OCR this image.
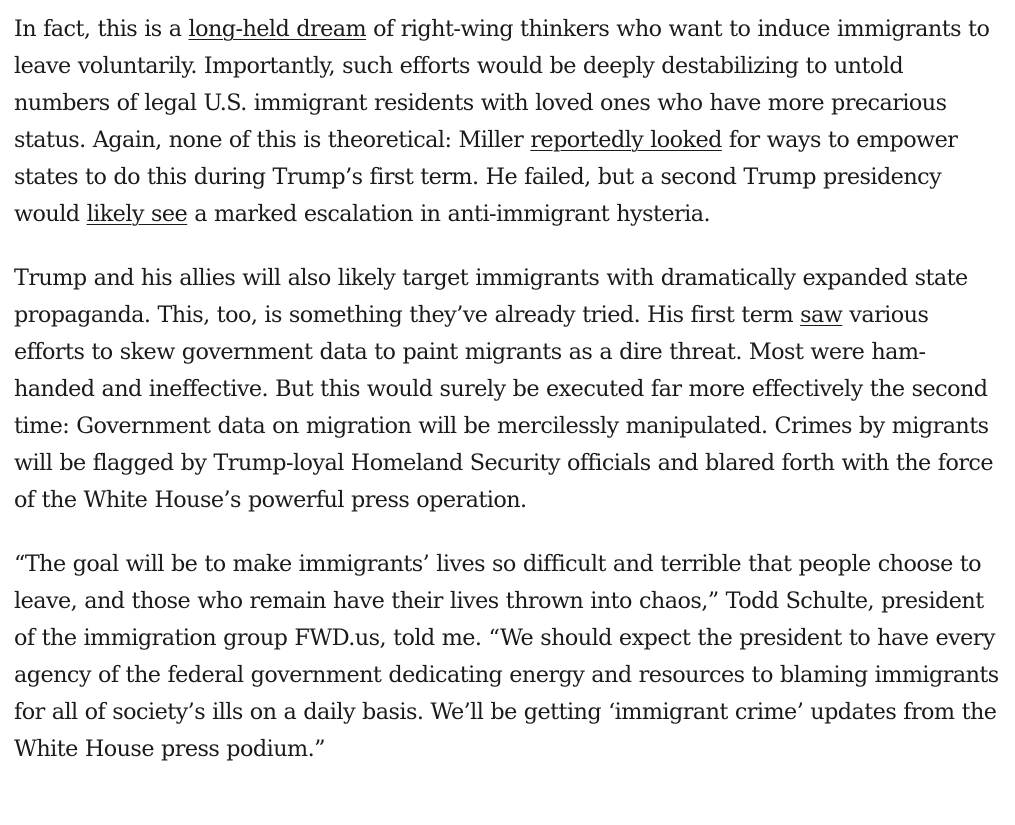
In fact, this is a long-held dream of right-wing thinkers who want to induce immigrants to leave voluntarily. Importantly, such efforts would be deeply destabilizing to untold numbers of legal U.S. immigrant residents with loved ones who have more precarious status. Again, none of this is theoretical: Miller reportedly looked for ways to empower states to do this during Trump’s first term. He failed, but a second Trump presidency would likely see a marked escalation in anti-immigrant hysteria.

Trump and his allies will also likely target immigrants with dramatically expanded state propaganda. This, too, is something they’ve already tried. His first term saw various efforts to skew government data to paint migrants as a dire threat. Most were ham-handed and ineffective. But this would surely be executed far more effectively the second time: Government data on migration will be mercilessly manipulated. Crimes by migrants will be flagged by Trump-loyal Homeland Security officials and blared forth with the force of the White House’s powerful press operation.

“The goal will be to make immigrants’ lives so difficult and terrible that people choose to leave, and those who remain have their lives thrown into chaos,” Todd Schulte, president of the immigration group FWD.us, told me. “We should expect the president to have every agency of the federal government dedicating energy and resources to blaming immigrants for all of society’s ills on a daily basis. We’ll be getting ‘immigrant crime’ updates from the White House press podium.”
